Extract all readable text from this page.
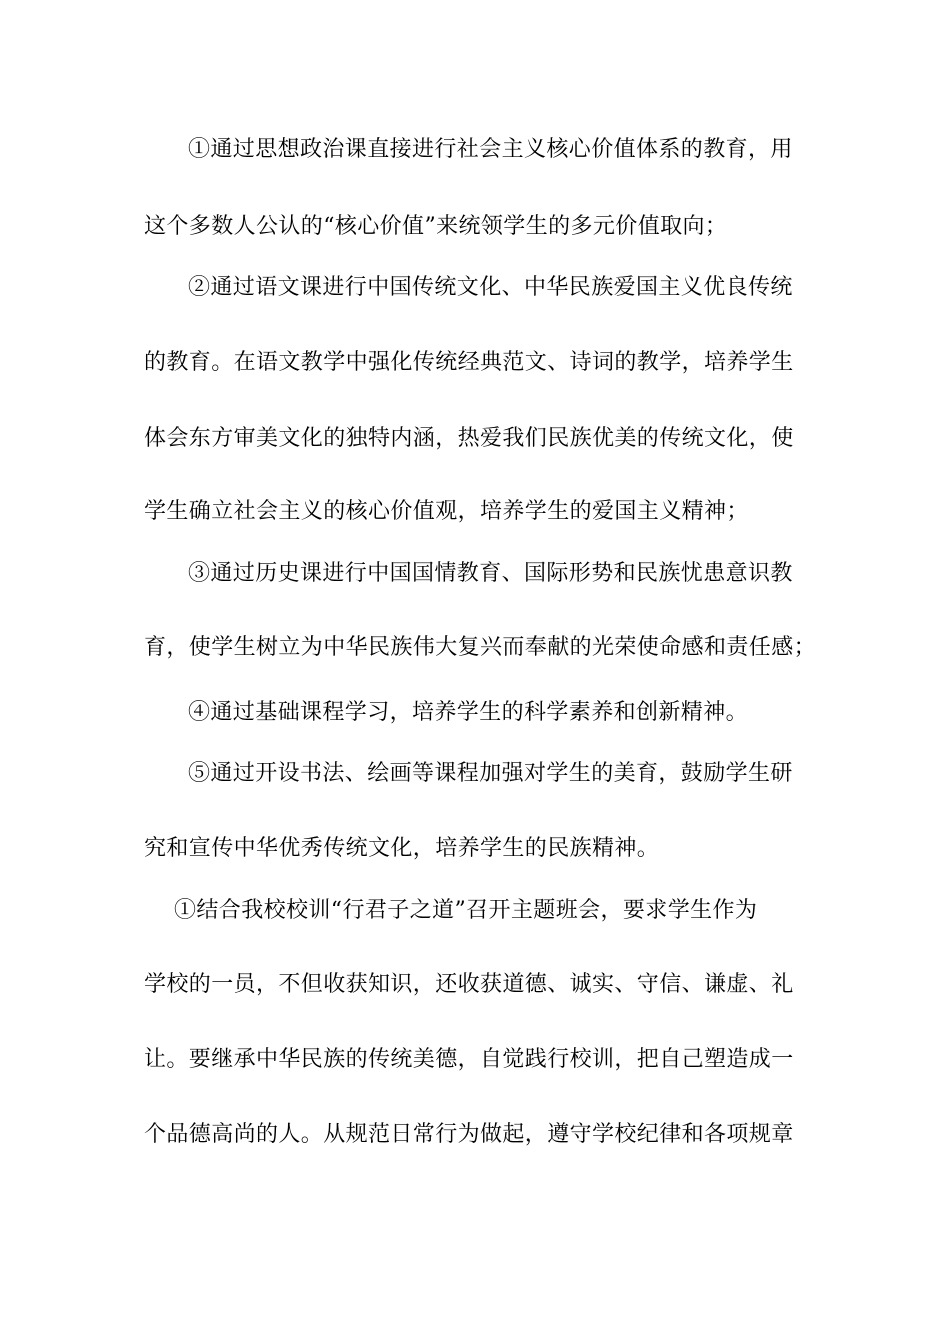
①通过思想政治课直接进行社会主义核心价值体系的教育，用
这个多数人公认的“核心价值”来统领学生的多元价值取向；
②通过语文课进行中国传统文化、中华民族爱国主义优良传统
的教育。在语文教学中强化传统经典范文、诗词的教学，培养学生
体会东方审美文化的独特内涵，热爱我们民族优美的传统文化，使
学生确立社会主义的核心价值观，培养学生的爱国主义精神；
③通过历史课进行中国国情教育、国际形势和民族忧患意识教
育，使学生树立为中华民族伟大复兴而奉献的光荣使命感和责任感；
④通过基础课程学习，培养学生的科学素养和创新精神。
⑤通过开设书法、绘画等课程加强对学生的美育，鼓励学生研
究和宣传中华优秀传统文化，培养学生的民族精神。
①结合我校校训“行君子之道”召开主题班会，要求学生作为
学校的一员，不但收获知识，还收获道德、诚实、守信、谦虚、礼
让。要继承中华民族的传统美德，自觉践行校训，把自己塑造成一
个品德高尚的人。从规范日常行为做起，遵守学校纪律和各项规章
